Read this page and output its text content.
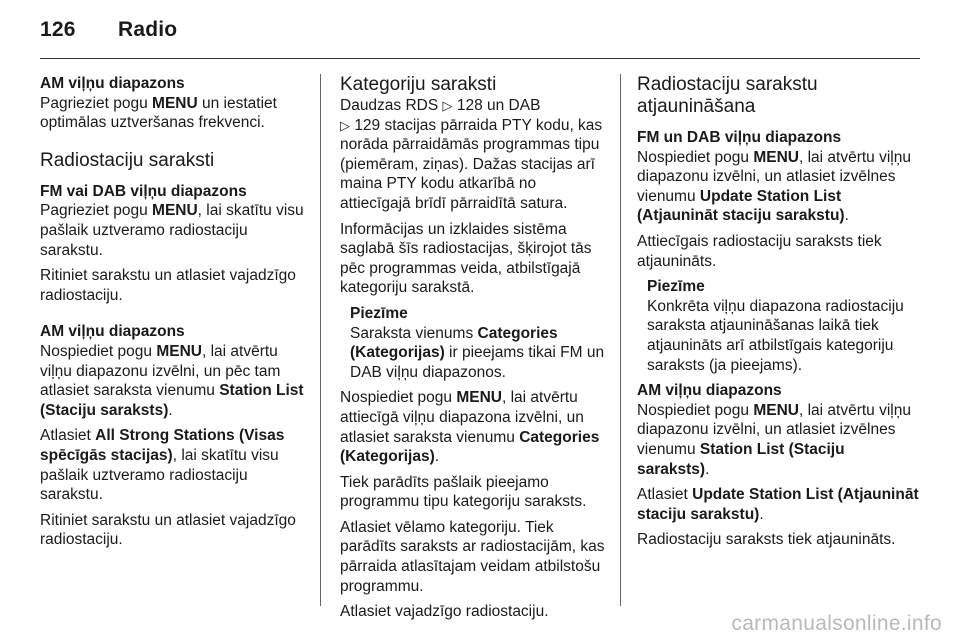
126 Radio

AM viļņu diapazons

Pagrieziet pogu MENU un iestatiet optimālas uztveršanas frekvenci.

Radiostaciju saraksti

FM vai DAB viļņu diapazons

Pagrieziet pogu MENU, lai skatītu visu pašlaik uztveramo radiostaciju sarakstu.

Ritiniet sarakstu un atlasiet vajadzīgo radiostaciju.

AM viļņu diapazons

Nospiediet pogu MENU, lai atvērtu viļņu diapazonu izvēlni, un pēc tam atlasiet saraksta vienumu Station List (Staciju saraksts).

Atlasiet All Strong Stations (Visas spēcīgās stacijas), lai skatītu visu pašlaik uztveramo radiostaciju sarakstu.

Ritiniet sarakstu un atlasiet vajadzīgo radiostaciju.

Kategoriju saraksti

Daudzas RDS ▷ 128 un DAB
▷ 129 stacijas pārraida PTY kodu, kas norāda pārraidāmās programmas tipu (piemēram, ziņas). Dažas stacijas arī maina PTY kodu atkarībā no attiecīgajā brīdī pārraidītā satura.

Informācijas un izklaides sistēma saglabā šīs radiostacijas, šķirojot tās pēc programmas veida, atbilstīgajā kategoriju sarakstā.

Piezīme
Saraksta vienums Categories (Kategorijas) ir pieejams tikai FM un DAB viļņu diapazonos.

Nospiediet pogu MENU, lai atvērtu attiecīgā viļņu diapazona izvēlni, un atlasiet saraksta vienumu Categories (Kategorijas).

Tiek parādīts pašlaik pieejamo programmu tipu kategoriju saraksts.

Atlasiet vēlamo kategoriju. Tiek parādīts saraksts ar radiostacijām, kas pārraida atlasītajam veidam atbilstošu programmu.

Atlasiet vajadzīgo radiostaciju.

Radiostaciju sarakstu atjaunināšana

FM un DAB viļņu diapazons

Nospiediet pogu MENU, lai atvērtu viļņu diapazonu izvēlni, un atlasiet izvēlnes vienumu Update Station List (Atjaunināt staciju sarakstu).

Attiecīgais radiostaciju saraksts tiek atjaunināts.

Piezīme
Konkrēta viļņu diapazona radiostaciju saraksta atjaunināšanas laikā tiek atjaunināts arī atbilstīgais kategoriju saraksts (ja pieejams).

AM viļņu diapazons

Nospiediet pogu MENU, lai atvērtu viļņu diapazonu izvēlni, un atlasiet izvēlnes vienumu Station List (Staciju saraksts).

Atlasiet Update Station List (Atjaunināt staciju sarakstu).

Radiostaciju saraksts tiek atjaunināts.

carmanualsonline.info
